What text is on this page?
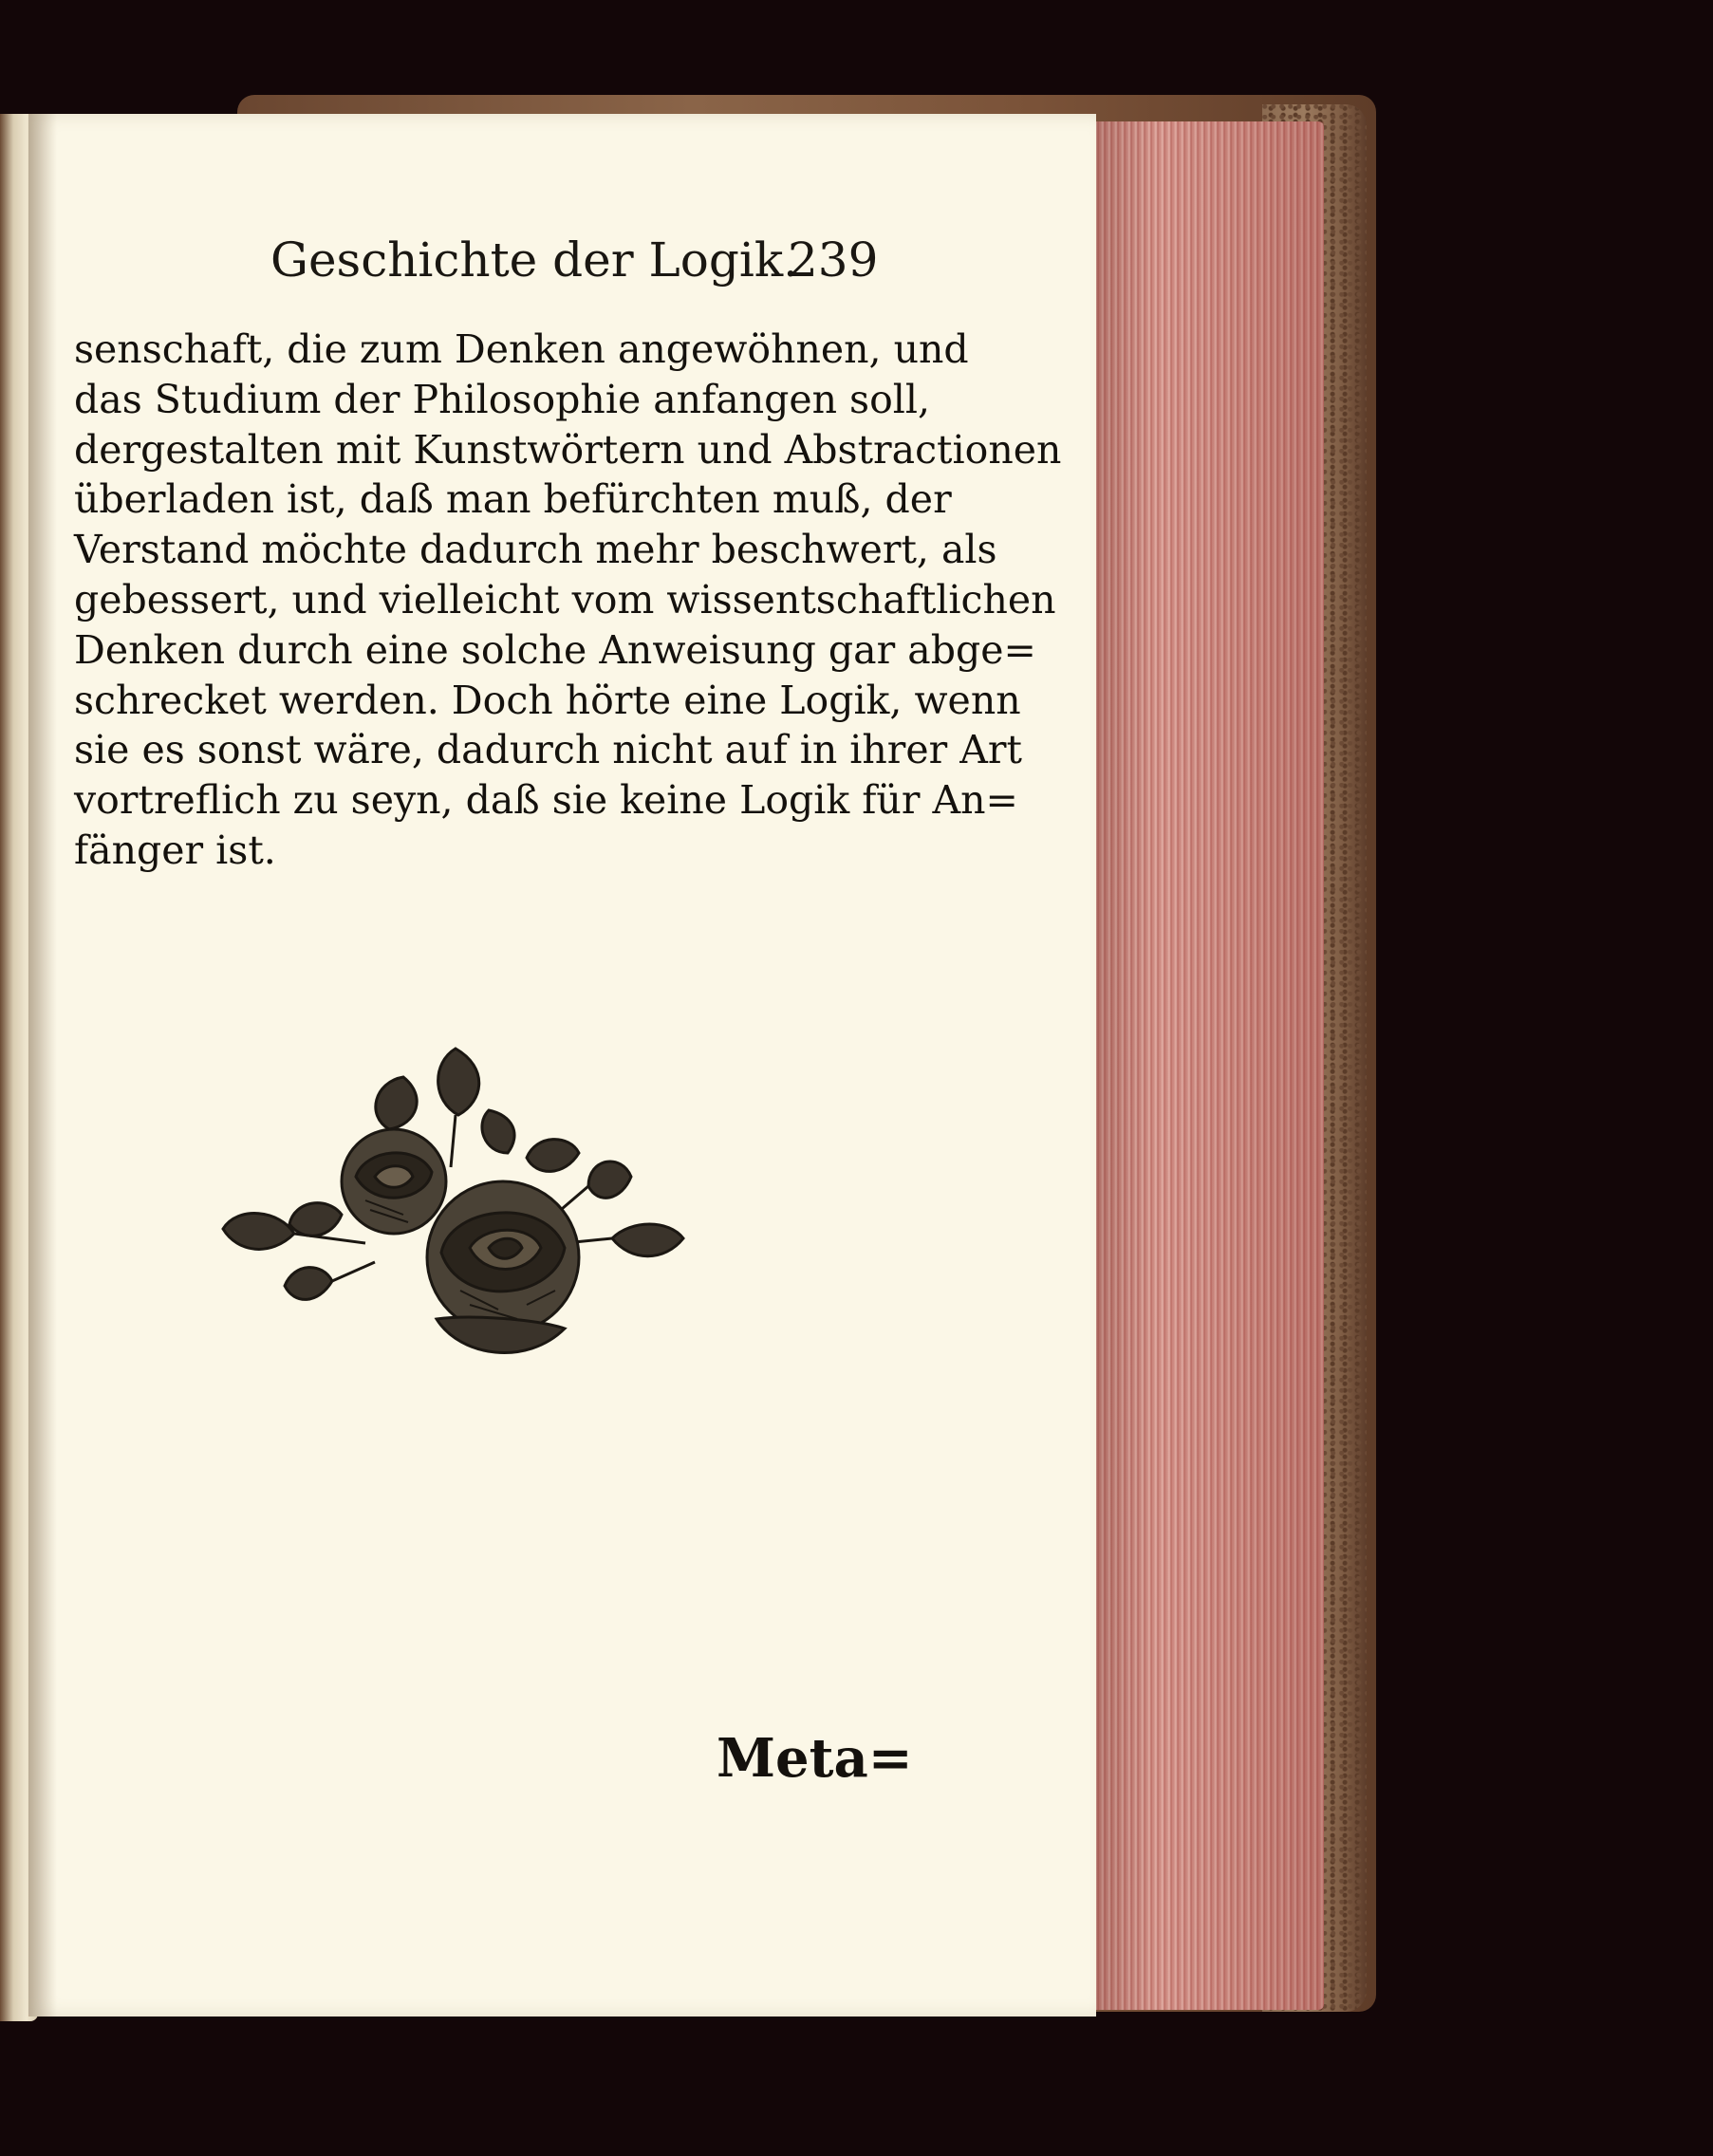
Geschichte der Logik.
239
senschaft, die zum Denken angewöhnen, und
das Studium der Philosophie anfangen soll,
dergestalten mit Kunstwörtern und Abstractionen
überladen ist, daß man befürchten muß, der
Verstand möchte dadurch mehr beschwert, als
gebessert, und vielleicht vom wissentschaftlichen
Denken durch eine solche Anweisung gar abge=
schrecket werden. Doch hörte eine Logik, wenn
sie es sonst wäre, dadurch nicht auf in ihrer Art
vortreflich zu seyn, daß sie keine Logik für An=
fänger ist.
Meta=
